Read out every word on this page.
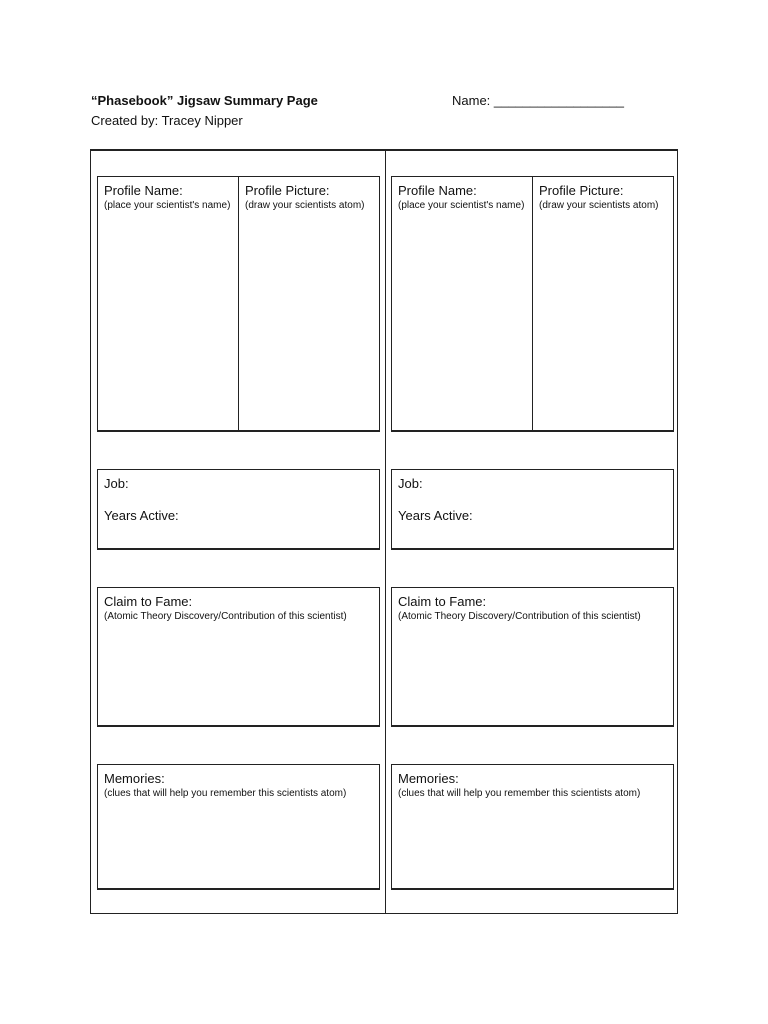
“Phasebook” Jigsaw Summary Page	Name: __________________
Created by: Tracey Nipper
Profile Name:
(place your scientist's name)
Profile Picture:
(draw your scientists atom)
Job:
Years Active:
Claim to Fame:
(Atomic Theory Discovery/Contribution of this scientist)
Memories:
(clues that will help you remember this scientists atom)
Profile Name:
(place your scientist's name)
Profile Picture:
(draw your scientists atom)
Job:
Years Active:
Claim to Fame:
(Atomic Theory Discovery/Contribution of this scientist)
Memories:
(clues that will help you remember this scientists atom)
